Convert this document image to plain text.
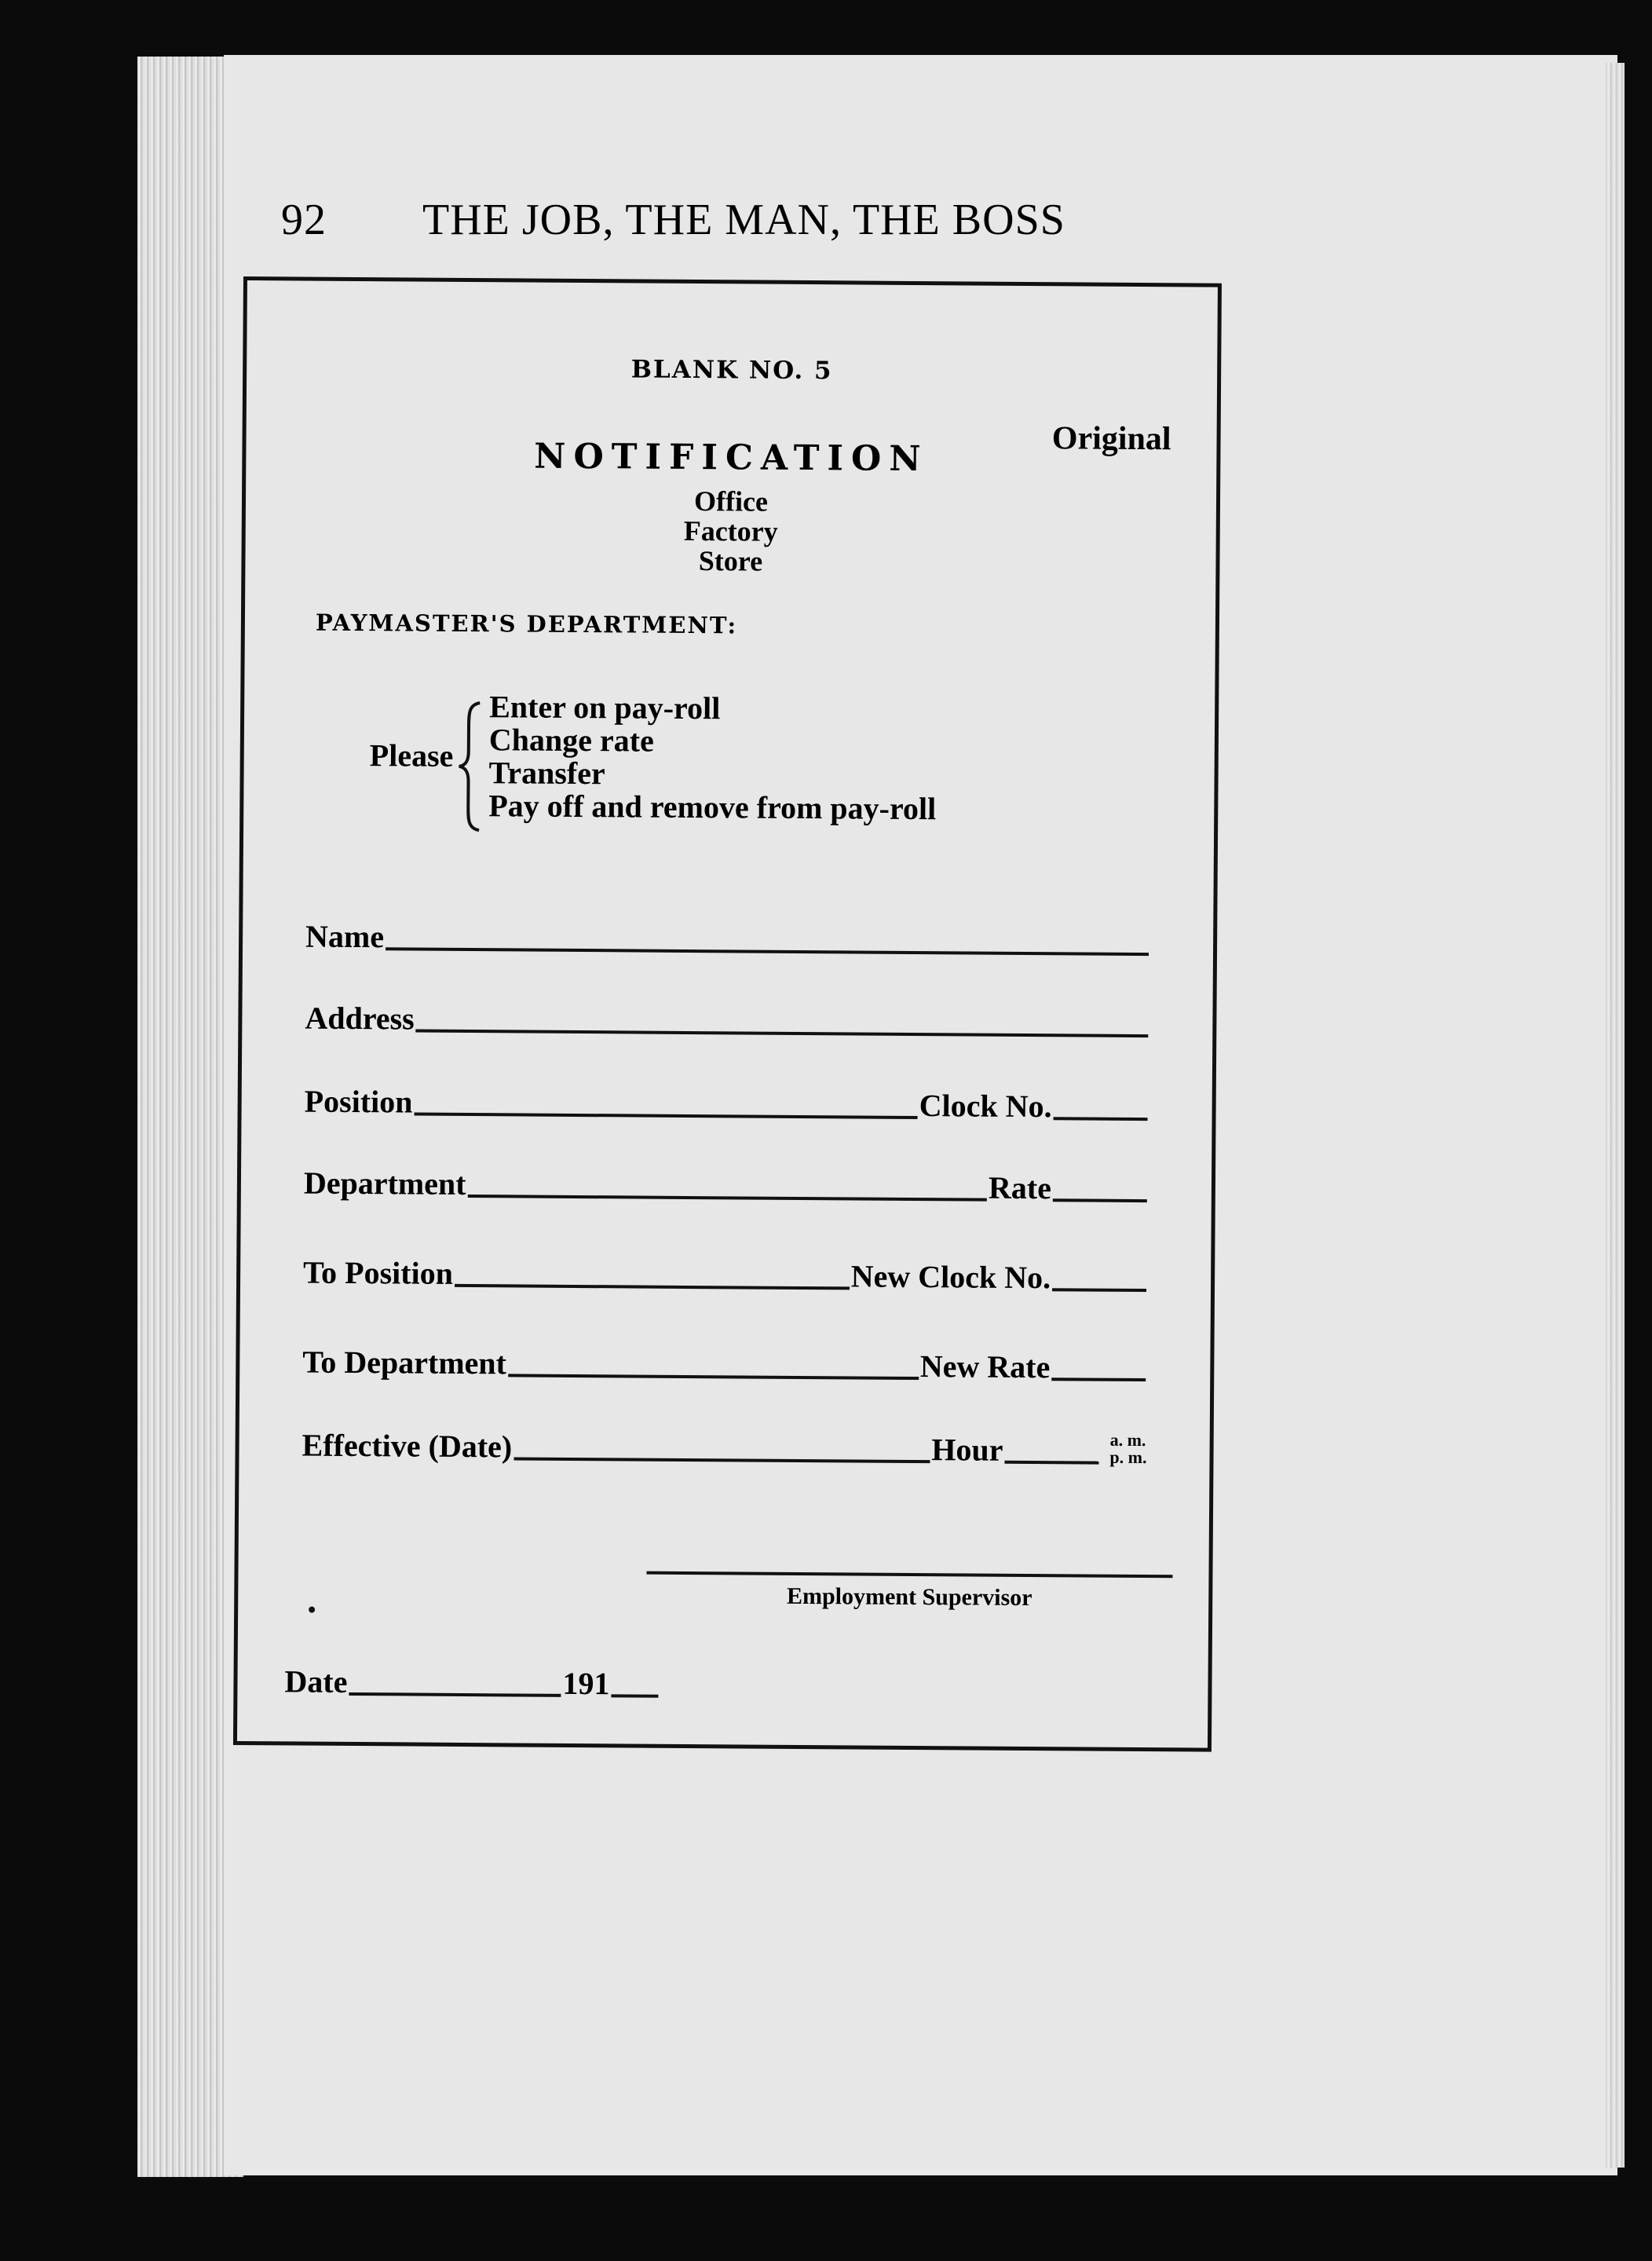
92 THE JOB, THE MAN, THE BOSS
BLANK NO. 5
Original
NOTIFICATION
Office
Factory
Store
PAYMASTER'S DEPARTMENT:
Please
Enter on pay-roll
Change rate
Transfer
Pay off and remove from pay-roll
Name
Address
Position	Clock No.
Department	Rate
To Position	New Clock No.
To Department	New Rate
Effective (Date)	Hour	a. m.
p. m.
Employment Supervisor
Date	191
